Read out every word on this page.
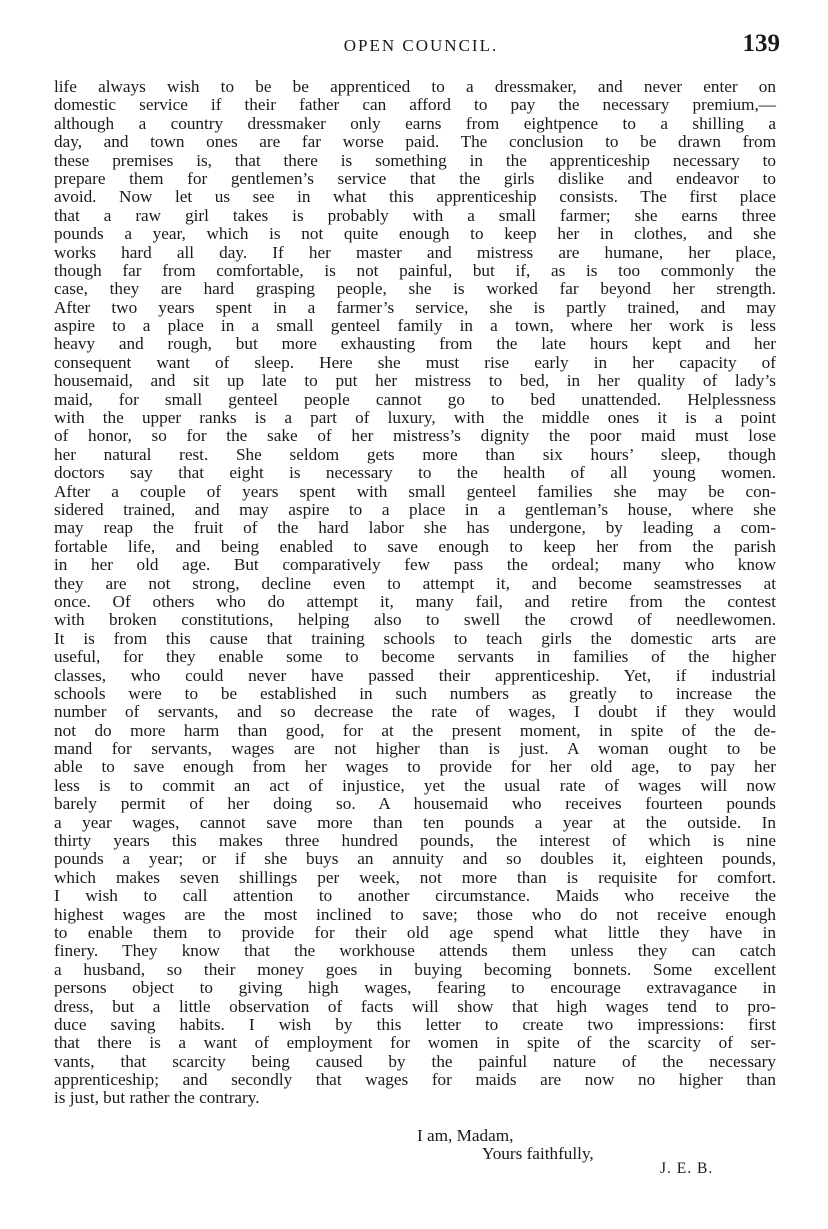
OPEN COUNCIL.	139
life always wish to be be apprenticed to a dressmaker, and never enter on
domestic service if their father can afford to pay the necessary premium,—
although a country dressmaker only earns from eightpence to a shilling a
day, and town ones are far worse paid. The conclusion to be drawn from
these premises is, that there is something in the apprenticeship necessary to
prepare them for gentlemen’s service that the girls dislike and endeavor to
avoid. Now let us see in what this apprenticeship consists. The first place
that a raw girl takes is probably with a small farmer; she earns three
pounds a year, which is not quite enough to keep her in clothes, and she
works hard all day. If her master and mistress are humane, her place,
though far from comfortable, is not painful, but if, as is too commonly the
case, they are hard grasping people, she is worked far beyond her strength.
After two years spent in a farmer’s service, she is partly trained, and may
aspire to a place in a small genteel family in a town, where her work is less
heavy and rough, but more exhausting from the late hours kept and her
consequent want of sleep. Here she must rise early in her capacity of
housemaid, and sit up late to put her mistress to bed, in her quality of lady’s
maid, for small genteel people cannot go to bed unattended. Helplessness
with the upper ranks is a part of luxury, with the middle ones it is a point
of honor, so for the sake of her mistress’s dignity the poor maid must lose
her natural rest. She seldom gets more than six hours’ sleep, though
doctors say that eight is necessary to the health of all young women.
After a couple of years spent with small genteel families she may be con-
sidered trained, and may aspire to a place in a gentleman’s house, where she
may reap the fruit of the hard labor she has undergone, by leading a com-
fortable life, and being enabled to save enough to keep her from the parish
in her old age. But comparatively few pass the ordeal; many who know
they are not strong, decline even to attempt it, and become seamstresses at
once. Of others who do attempt it, many fail, and retire from the contest
with broken constitutions, helping also to swell the crowd of needlewomen.
It is from this cause that training schools to teach girls the domestic arts are
useful, for they enable some to become servants in families of the higher
classes, who could never have passed their apprenticeship. Yet, if industrial
schools were to be established in such numbers as greatly to increase the
number of servants, and so decrease the rate of wages, I doubt if they would
not do more harm than good, for at the present moment, in spite of the de-
mand for servants, wages are not higher than is just. A woman ought to be
able to save enough from her wages to provide for her old age, to pay her
less is to commit an act of injustice, yet the usual rate of wages will now
barely permit of her doing so. A housemaid who receives fourteen pounds
a year wages, cannot save more than ten pounds a year at the outside. In
thirty years this makes three hundred pounds, the interest of which is nine
pounds a year; or if she buys an annuity and so doubles it, eighteen pounds,
which makes seven shillings per week, not more than is requisite for comfort.
I wish to call attention to another circumstance. Maids who receive the
highest wages are the most inclined to save; those who do not receive enough
to enable them to provide for their old age spend what little they have in
finery. They know that the workhouse attends them unless they can catch
a husband, so their money goes in buying becoming bonnets. Some excellent
persons object to giving high wages, fearing to encourage extravagance in
dress, but a little observation of facts will show that high wages tend to pro-
duce saving habits. I wish by this letter to create two impressions: first
that there is a want of employment for women in spite of the scarcity of ser-
vants, that scarcity being caused by the painful nature of the necessary
apprenticeship; and secondly that wages for maids are now no higher than
is just, but rather the contrary.
I am, Madam,
Yours faithfully,
J. E. B.
